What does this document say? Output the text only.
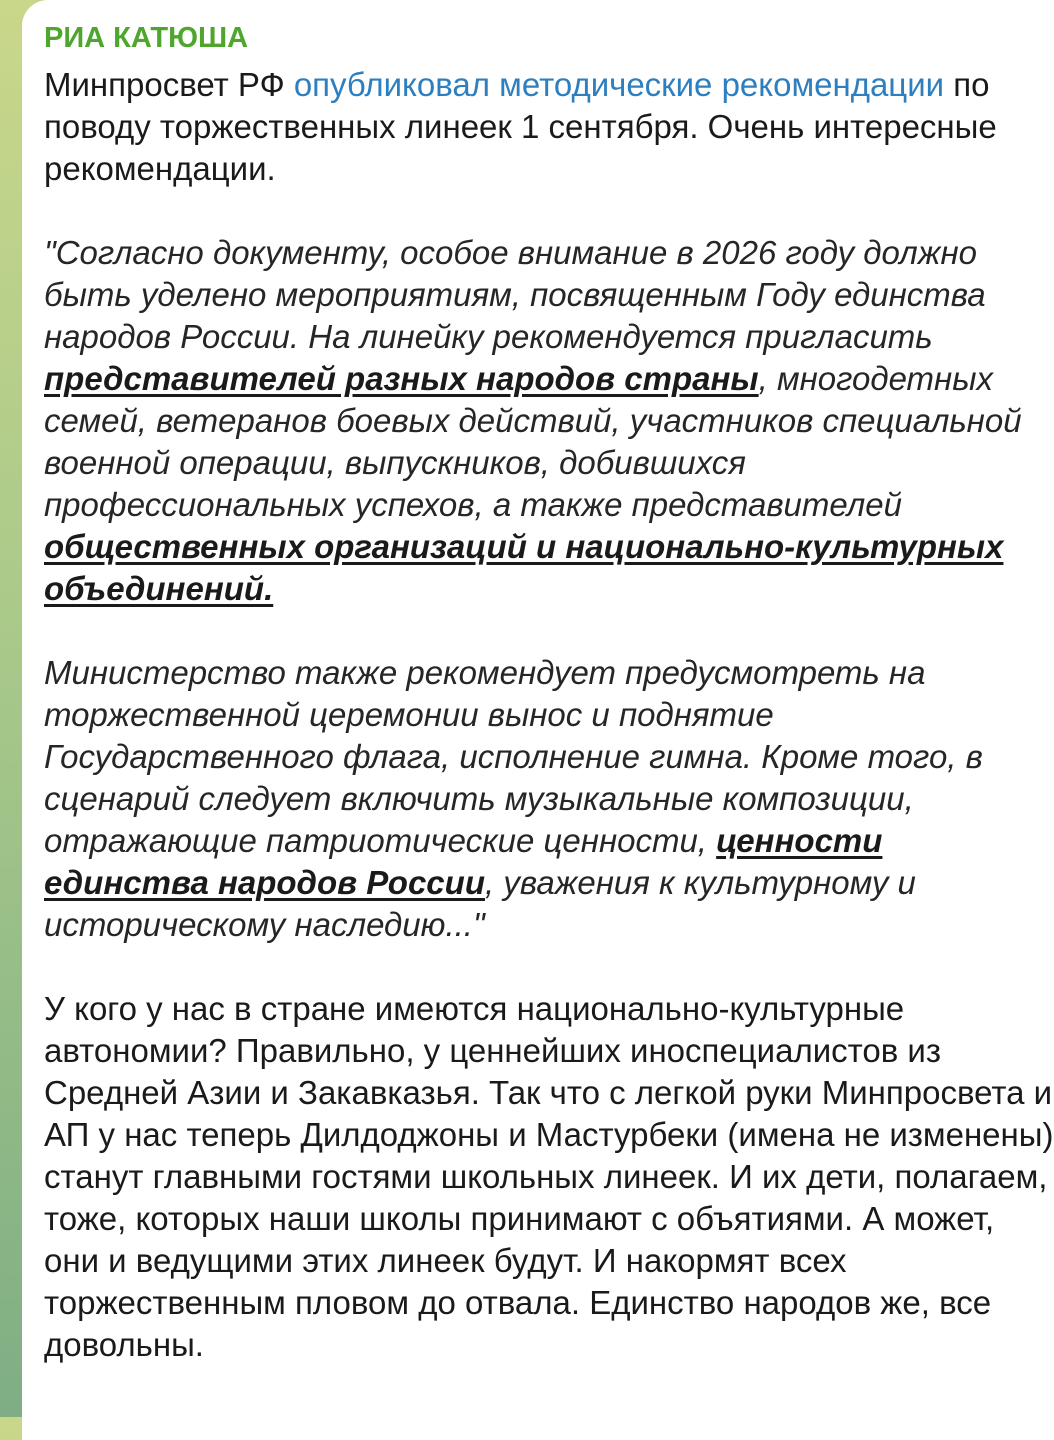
РИА КАТЮША

Минпросвет РФ опубликовал методические рекомендации по поводу торжественных линеек 1 сентября. Очень интересные рекомендации.

"Согласно документу, особое внимание в 2026 году должно быть уделено мероприятиям, посвященным Году единства народов России. На линейку рекомендуется пригласить представителей разных народов страны, многодетных семей, ветеранов боевых действий, участников специальной военной операции, выпускников, добившихся профессиональных успехов, а также представителей общественных организаций и национально-культурных объединений.

Министерство также рекомендует предусмотреть на торжественной церемонии вынос и поднятие Государственного флага, исполнение гимна. Кроме того, в сценарий следует включить музыкальные композиции, отражающие патриотические ценности, ценности единства народов России, уважения к культурному и историческому наследию..."

У кого у нас в стране имеются национально-культурные автономии? Правильно, у ценнейших иноспециалистов из Средней Азии и Закавказья. Так что с легкой руки Минпросвета и АП у нас теперь Дилдоджоны и Мастурбеки (имена не изменены) станут главными гостями школьных линеек. И их дети, полагаем, тоже, которых наши школы принимают с объятиями. А может, они и ведущими этих линеек будут. И накормят всех торжественным пловом до отвала. Единство народов же, все довольны.
